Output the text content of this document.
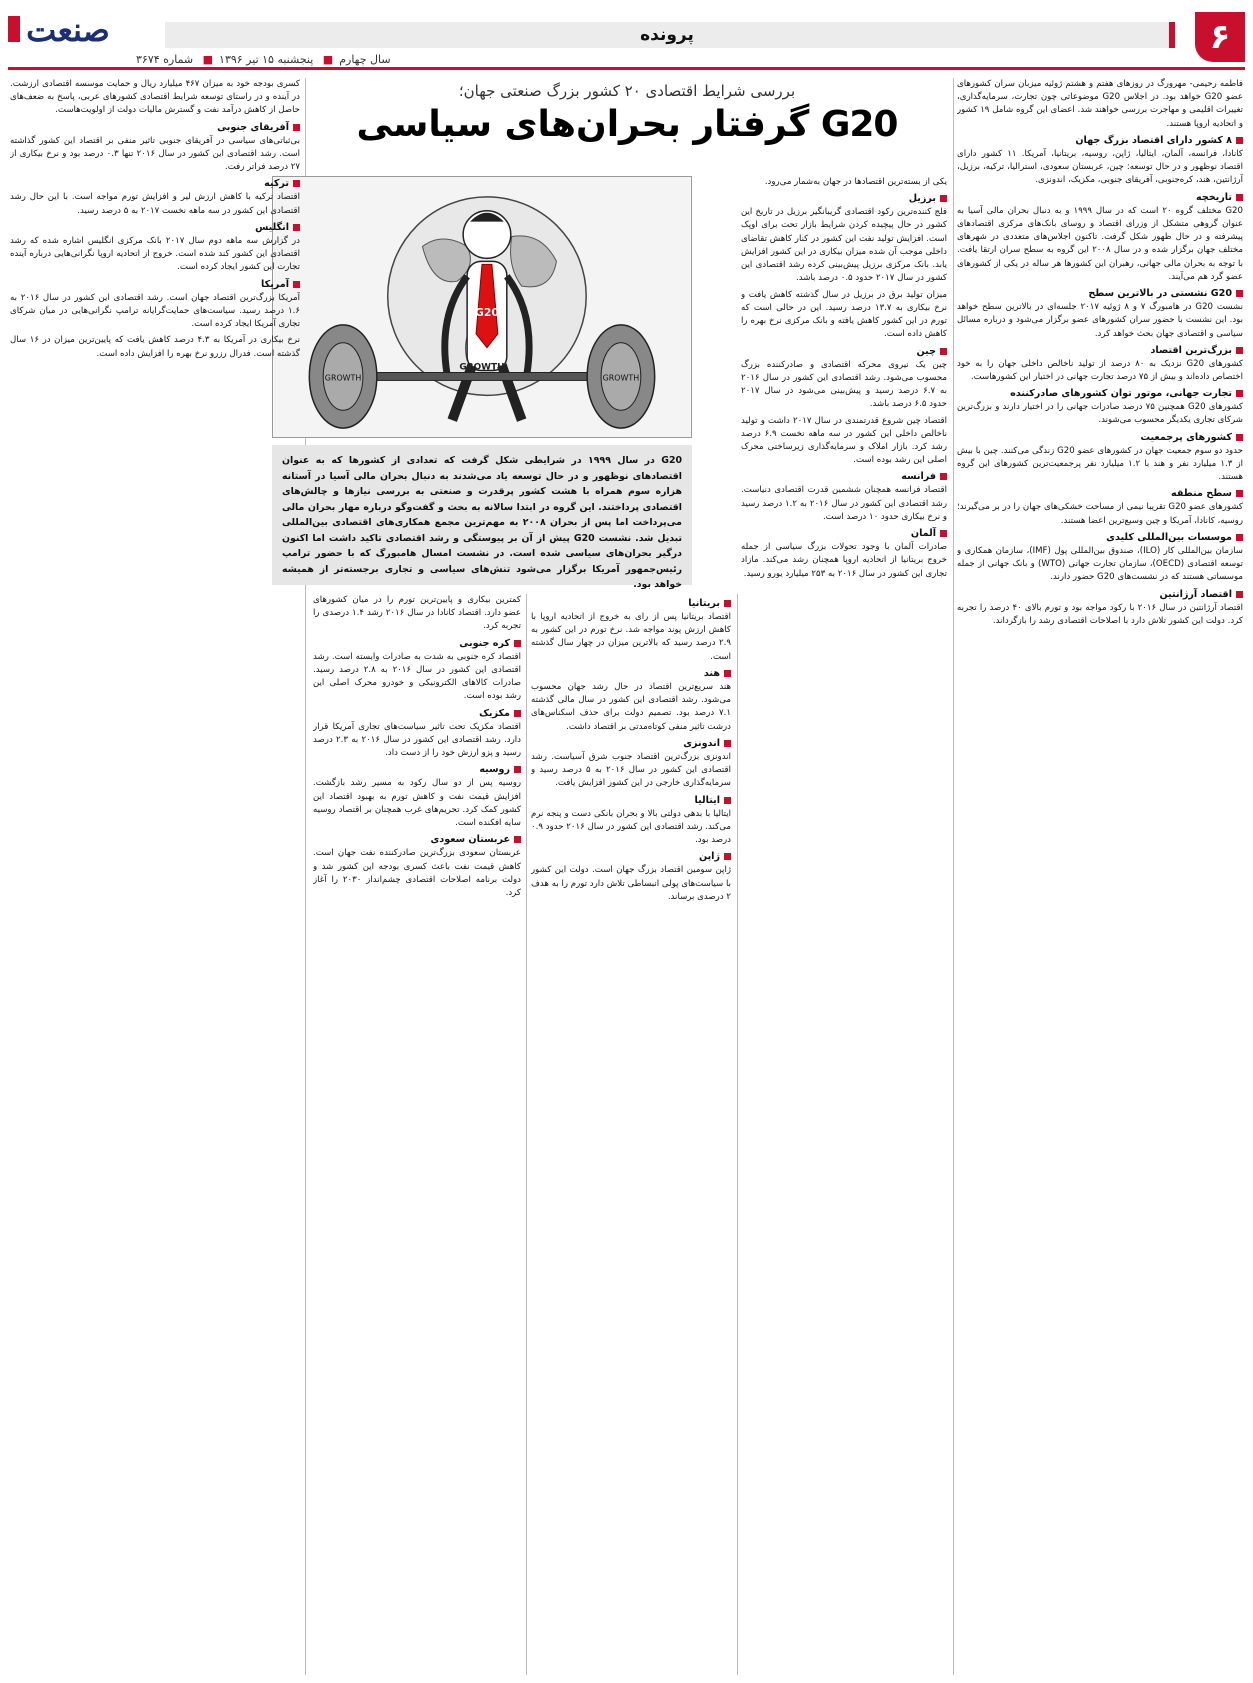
۶
پرونده
صنعت
سال چهارم■ پنجشنبه ۱۵ تیر ۱۳۹۶■ شماره ۳۶۷۴

فاطمه رحیمی- مهرورگ در روزهای هفتم و هشتم ژوئیه میزبان سران کشورهای عضو G20 خواهد بود. در اجلاس G20 موضوعاتی چون تجارت، سرمایه‌گذاری، تغییرات اقلیمی و مهاجرت بررسی خواهند شد. اعضای این گروه شامل ۱۹ کشور و اتحادیه اروپا هستند.

۸ کشور دارای اقتصاد بزرگ جهان

کانادا، فرانسه، آلمان، ایتالیا، ژاپن، روسیه، بریتانیا، آمریکا. ۱۱ کشور دارای اقتصاد نوظهور و در حال توسعه: چین، عربستان سعودی، استرالیا، ترکیه، برزیل، آرژانتین، هند، کره‌جنوبی، آفریقای جنوبی، مکزیک، اندونزی.

تاریخچه

G20 مختلف گروه ۲۰ است که در سال ۱۹۹۹ و به دنبال بحران مالی آسیا به عنوان گروهی متشکل از وزرای اقتصاد و روسای بانک‌های مرکزی اقتصادهای پیشرفته و در حال ظهور شکل گرفت. تاکنون اجلاس‌های متعددی در شهرهای مختلف جهان برگزار شده و در سال ۲۰۰۸ این گروه به سطح سران ارتقا یافت. با توجه به بحران مالی جهانی، رهبران این کشورها هر ساله در یکی از کشورهای عضو گرد هم می‌آیند.

G20 نشستی در بالاترین سطح

نشست G20 در هامبورگ ۷ و ۸ ژوئیه ۲۰۱۷ جلسه‌ای در بالاترین سطح خواهد بود. این نشست با حضور سران کشورهای عضو برگزار می‌شود و درباره مسائل سیاسی و اقتصادی جهان بحث خواهد کرد.

بزرگ‌ترین اقتصاد

کشورهای G20 نزدیک به ۸۰ درصد از تولید ناخالص داخلی جهان را به خود اختصاص داده‌اند و بیش از ۷۵ درصد تجارت جهانی در اختیار این کشورهاست.

تجارت جهانی، موتور توان کشورهای صادرکننده

کشورهای G20 همچنین ۷۵ درصد صادرات جهانی را در اختیار دارند و بزرگ‌ترین شرکای تجاری یکدیگر محسوب می‌شوند.

کشورهای پرجمعیت

حدود دو سوم جمعیت جهان در کشورهای عضو G20 زندگی می‌کنند. چین با بیش از ۱.۳ میلیارد نفر و هند با ۱.۲ میلیارد نفر پرجمعیت‌ترین کشورهای این گروه هستند.

سطح منطقه

کشورهای عضو G20 تقریبا نیمی از مساحت خشکی‌های جهان را در بر می‌گیرند؛ روسیه، کانادا، آمریکا و چین وسیع‌ترین اعضا هستند.

موسسات بین‌المللی کلیدی

سازمان بین‌المللی کار (ILO)، صندوق بین‌المللی پول (IMF)، سازمان همکاری و توسعه اقتصادی (OECD)، سازمان تجارت جهانی (WTO) و بانک جهانی از جمله موسساتی هستند که در نشست‌های G20 حضور دارند.

اقتصاد آرژانتین

اقتصاد آرژانتین در سال ۲۰۱۶ با رکود مواجه بود و تورم بالای ۴۰ درصد را تجربه کرد. دولت این کشور تلاش دارد با اصلاحات اقتصادی رشد را بازگرداند.

بررسی شرایط اقتصادی ۲۰ کشور بزرگ صنعتی جهان؛
G20 گرفتار بحران‌های سیاسی

یکی از بسته‌ترین اقتصادها در جهان به‌شمار می‌رود.

برزیل

فلج کننده‌ترین رکود اقتصادی گریبانگیر برزیل در تاریخ این کشور در حال پیچیده کردن شرایط بازار تحت برای اوپک است. افزایش تولید نفت این کشور در کنار کاهش تقاضای داخلی موجب آن شده میزان بیکاری در این کشور افزایش یابد. بانک مرکزی برزیل پیش‌بینی کرده رشد اقتصادی این کشور در سال ۲۰۱۷ حدود ۰.۵ درصد باشد.

میزان تولید برق در برزیل در سال گذشته کاهش یافت و نرخ بیکاری به ۱۳.۷ درصد رسید. این در حالی است که تورم در این کشور کاهش یافته و بانک مرکزی نرخ بهره را کاهش داده است.

چین

چین یک نیروی محرکه اقتصادی و صادرکننده بزرگ محسوب می‌شود. رشد اقتصادی این کشور در سال ۲۰۱۶ به ۶.۷ درصد رسید و پیش‌بینی می‌شود در سال ۲۰۱۷ حدود ۶.۵ درصد باشد.

اقتصاد چین شروع قدرتمندی در سال ۲۰۱۷ داشت و تولید ناخالص داخلی این کشور در سه ماهه نخست ۶.۹ درصد رشد کرد. بازار املاک و سرمایه‌گذاری زیرساختی محرک اصلی این رشد بوده است.

فرانسه

اقتصاد فرانسه همچنان ششمین قدرت اقتصادی دنیاست. رشد اقتصادی این کشور در سال ۲۰۱۶ به ۱.۲ درصد رسید و نرخ بیکاری حدود ۱۰ درصد است.

آلمان

صادرات آلمان با وجود تحولات بزرگ سیاسی از جمله خروج بریتانیا از اتحادیه اروپا همچنان رشد می‌کند. مازاد تجاری این کشور در سال ۲۰۱۶ به ۲۵۳ میلیارد یورو رسید.

G20
GROWTH
GROWTH	GROWTH
G20 در سال ۱۹۹۹ در شرایطی شکل گرفت که تعدادی از کشورها که به عنوان اقتصادهای نوظهور و در حال توسعه یاد می‌شدند به دنبال بحران مالی آسیا در آستانه هزاره سوم همراه با هشت کشور پرقدرت و صنعتی به بررسی نیازها و چالش‌های اقتصادی پرداختند. این گروه در ابتدا سالانه به بحث و گفت‌وگو درباره مهار بحران مالی می‌پرداخت اما پس از بحران ۲۰۰۸ به مهم‌ترین مجمع همکاری‌های اقتصادی بین‌المللی تبدیل شد. نشست G20 پیش از آن بر پیوستگی و رشد اقتصادی تاکید داشت اما اکنون درگیر بحران‌های سیاسی شده است. در نشست امسال هامبورگ که با حضور ترامپ رئیس‌جمهور آمریکا برگزار می‌شود تنش‌های سیاسی و تجاری برجسته‌تر از همیشه خواهد بود.
بریتانیا

اقتصاد بریتانیا پس از رای به خروج از اتحادیه اروپا با کاهش ارزش پوند مواجه شد. نرخ تورم در این کشور به ۲.۹ درصد رسید که بالاترین میزان در چهار سال گذشته است.

هند

هند سریع‌ترین اقتصاد در حال رشد جهان محسوب می‌شود. رشد اقتصادی این کشور در سال مالی گذشته ۷.۱ درصد بود. تصمیم دولت برای حذف اسکناس‌های درشت تاثیر منفی کوتاه‌مدتی بر اقتصاد داشت.

اندونزی

اندونزی بزرگ‌ترین اقتصاد جنوب شرق آسیاست. رشد اقتصادی این کشور در سال ۲۰۱۶ به ۵ درصد رسید و سرمایه‌گذاری خارجی در این کشور افزایش یافت.

ایتالیا

ایتالیا با بدهی دولتی بالا و بحران بانکی دست و پنجه نرم می‌کند. رشد اقتصادی این کشور در سال ۲۰۱۶ حدود ۰.۹ درصد بود.

ژاپن

ژاپن سومین اقتصاد بزرگ جهان است. دولت این کشور با سیاست‌های پولی انبساطی تلاش دارد تورم را به هدف ۲ درصدی برساند.

کمترین بیکاری و پایین‌ترین تورم را در میان کشورهای عضو دارد. اقتصاد کانادا در سال ۲۰۱۶ رشد ۱.۴ درصدی را تجربه کرد.

کره جنوبی

اقتصاد کره جنوبی به شدت به صادرات وابسته است. رشد اقتصادی این کشور در سال ۲۰۱۶ به ۲.۸ درصد رسید. صادرات کالاهای الکترونیکی و خودرو محرک اصلی این رشد بوده است.

مکزیک

اقتصاد مکزیک تحت تاثیر سیاست‌های تجاری آمریکا قرار دارد. رشد اقتصادی این کشور در سال ۲۰۱۶ به ۲.۳ درصد رسید و پزو ارزش خود را از دست داد.

روسیه

روسیه پس از دو سال رکود به مسیر رشد بازگشت. افزایش قیمت نفت و کاهش تورم به بهبود اقتصاد این کشور کمک کرد. تحریم‌های غرب همچنان بر اقتصاد روسیه سایه افکنده است.

عربستان سعودی

عربستان سعودی بزرگ‌ترین صادرکننده نفت جهان است. کاهش قیمت نفت باعث کسری بودجه این کشور شد و دولت برنامه اصلاحات اقتصادی چشم‌انداز ۲۰۳۰ را آغاز کرد.

کسری بودجه خود به میزان ۴۶۷ میلیارد ریال و حمایت موسسه اقتصادی ارزشت. در آینده و در راستای توسعه شرایط اقتصادی کشورهای عربی، پاسخ به ضعف‌های حاصل از کاهش درآمد نفت و گسترش مالیات دولت از اولویت‌هاست.

آفریقای جنوبی

بی‌ثباتی‌های سیاسی در آفریقای جنوبی تاثیر منفی بر اقتصاد این کشور گذاشته است. رشد اقتصادی این کشور در سال ۲۰۱۶ تنها ۰.۳ درصد بود و نرخ بیکاری از ۲۷ درصد فراتر رفت.

ترکیه

اقتصاد ترکیه با کاهش ارزش لیر و افزایش تورم مواجه است. با این حال رشد اقتصادی این کشور در سه ماهه نخست ۲۰۱۷ به ۵ درصد رسید.

انگلیس

در گزارش سه ماهه دوم سال ۲۰۱۷ بانک مرکزی انگلیس اشاره شده که رشد اقتصادی این کشور کند شده است. خروج از اتحادیه اروپا نگرانی‌هایی درباره آینده تجارت این کشور ایجاد کرده است.

آمریکا

آمریکا بزرگ‌ترین اقتصاد جهان است. رشد اقتصادی این کشور در سال ۲۰۱۶ به ۱.۶ درصد رسید. سیاست‌های حمایت‌گرایانه ترامپ نگرانی‌هایی در میان شرکای تجاری آمریکا ایجاد کرده است.

نرخ بیکاری در آمریکا به ۴.۳ درصد کاهش یافت که پایین‌ترین میزان در ۱۶ سال گذشته است. فدرال رزرو نرخ بهره را افزایش داده است.
